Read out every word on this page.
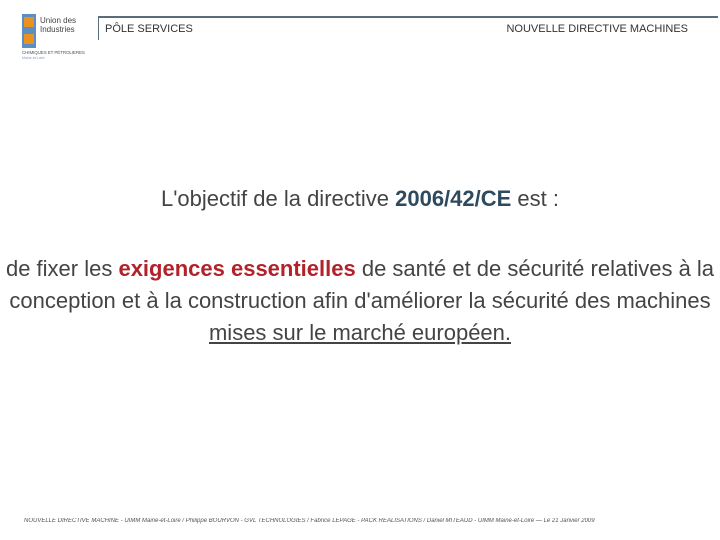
Union des
Industries
CHIMIQUES ET PÉTROLIERES
Maine-et-Loire
PÔLE SERVICES	NOUVELLE DIRECTIVE MACHINES
L'objectif de la directive 2006/42/CE est :
de fixer les exigences essentielles de santé et de sécurité relatives à la conception et à la construction afin d'améliorer la sécurité des machines
mises sur le marché européen.
NOUVELLE DIRECTIVE MACHINE - UIMM Maine-et-Loire / Philippe BOURVON - GVL TECHNOLOGIES / Fabrice LEPAGE - PACK REALISATIONS / Daniel MITEAUD - UIMM Maine-et-Loire — Le 21 Janvier 2009
